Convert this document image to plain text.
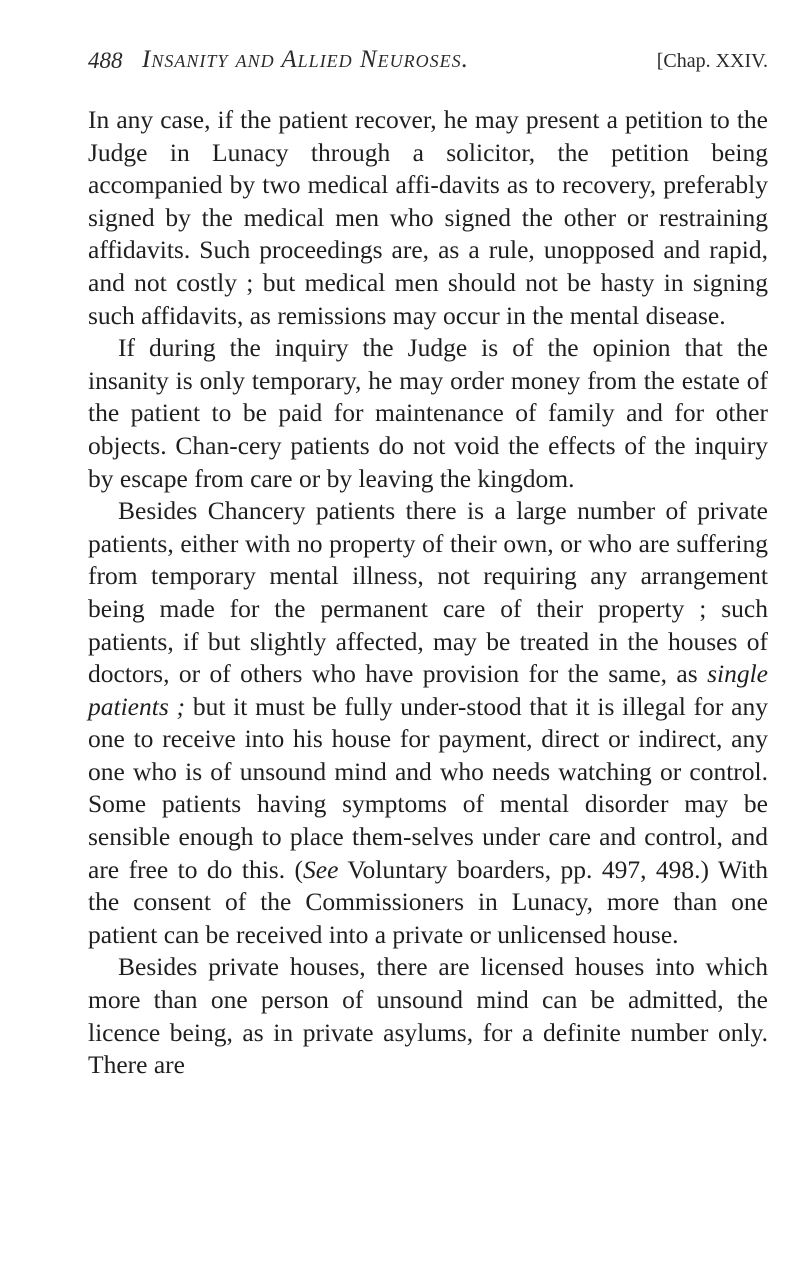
488 Insanity and Allied Neuroses.	[Chap. XXIV.

In any case, if the patient recover, he may present a petition to the Judge in Lunacy through a solicitor, the petition being accompanied by two medical affi-davits as to recovery, preferably signed by the medical men who signed the other or restraining affidavits. Such proceedings are, as a rule, unopposed and rapid, and not costly ; but medical men should not be hasty in signing such affidavits, as remissions may occur in the mental disease.

If during the inquiry the Judge is of the opinion that the insanity is only temporary, he may order money from the estate of the patient to be paid for maintenance of family and for other objects. Chan-cery patients do not void the effects of the inquiry by escape from care or by leaving the kingdom.

Besides Chancery patients there is a large number of private patients, either with no property of their own, or who are suffering from temporary mental illness, not requiring any arrangement being made for the permanent care of their property ; such patients, if but slightly affected, may be treated in the houses of doctors, or of others who have provision for the same, as single patients ; but it must be fully under-stood that it is illegal for any one to receive into his house for payment, direct or indirect, any one who is of unsound mind and who needs watching or control. Some patients having symptoms of mental disorder may be sensible enough to place them-selves under care and control, and are free to do this. (See Voluntary boarders, pp. 497, 498.) With the consent of the Commissioners in Lunacy, more than one patient can be received into a private or unlicensed house.

Besides private houses, there are licensed houses into which more than one person of unsound mind can be admitted, the licence being, as in private asylums, for a definite number only. There are
